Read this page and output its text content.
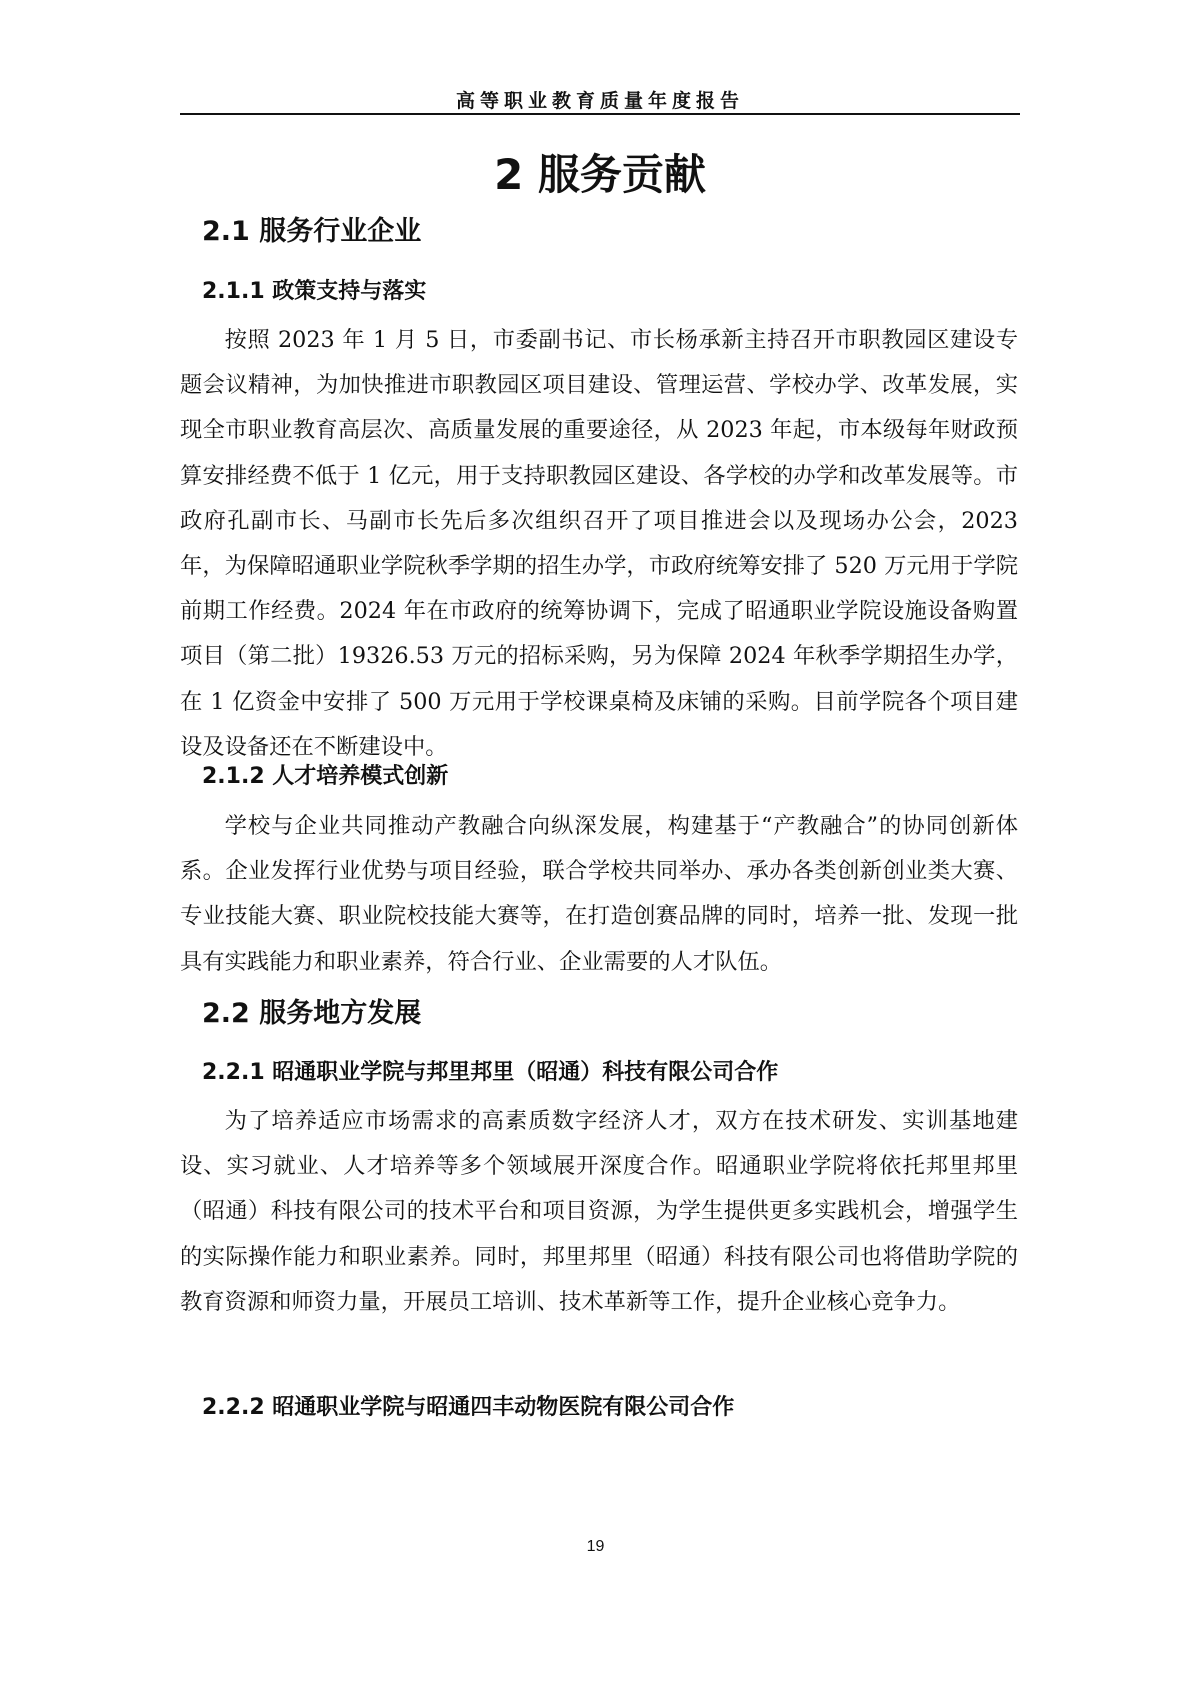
高等职业教育质量年度报告
2 服务贡献
2.1 服务行业企业
2.1.1 政策支持与落实

按照 2023 年 1 月 5 日，市委副书记、市长杨承新主持召开市职教园区建设专题会议精神，为加快推进市职教园区项目建设、管理运营、学校办学、改革发展，实现全市职业教育高层次、高质量发展的重要途径，从 2023 年起，市本级每年财政预算安排经费不低于 1 亿元，用于支持职教园区建设、各学校的办学和改革发展等。市政府孔副市长、马副市长先后多次组织召开了项目推进会以及现场办公会，2023 年，为保障昭通职业学院秋季学期的招生办学，市政府统筹安排了 520 万元用于学院前期工作经费。2024 年在市政府的统筹协调下，完成了昭通职业学院设施设备购置项目（第二批）19326.53 万元的招标采购，另为保障 2024 年秋季学期招生办学，在 1 亿资金中安排了 500 万元用于学校课桌椅及床铺的采购。目前学院各个项目建设及设备还在不断建设中。

2.1.2 人才培养模式创新

学校与企业共同推动产教融合向纵深发展，构建基于“产教融合”的协同创新体系。企业发挥行业优势与项目经验，联合学校共同举办、承办各类创新创业类大赛、专业技能大赛、职业院校技能大赛等，在打造创赛品牌的同时，培养一批、发现一批具有实践能力和职业素养，符合行业、企业需要的人才队伍。

2.2 服务地方发展
2.2.1 昭通职业学院与邦里邦里（昭通）科技有限公司合作

为了培养适应市场需求的高素质数字经济人才，双方在技术研发、实训基地建设、实习就业、人才培养等多个领域展开深度合作。昭通职业学院将依托邦里邦里（昭通）科技有限公司的技术平台和项目资源，为学生提供更多实践机会，增强学生的实际操作能力和职业素养。同时，邦里邦里（昭通）科技有限公司也将借助学院的教育资源和师资力量，开展员工培训、技术革新等工作，提升企业核心竞争力。

2.2.2 昭通职业学院与昭通四丰动物医院有限公司合作
19
